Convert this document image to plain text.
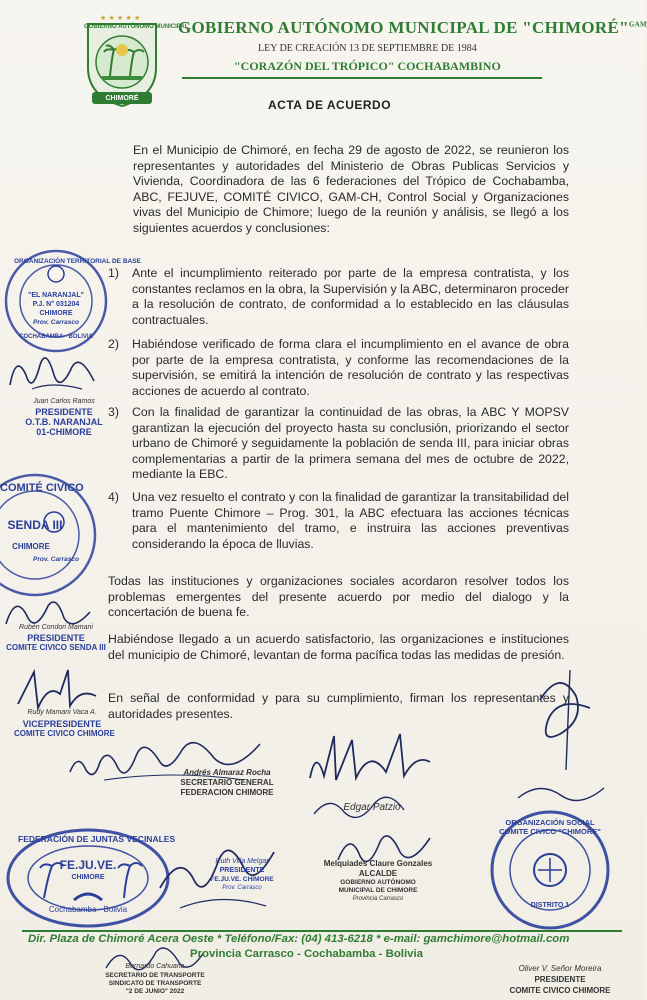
★ ★ ★ ★ ★
GOBIERNO AUTÓNOMO MUNICIPAL
CHIMORÉ
GOBIERNO AUTÓNOMO MUNICIPAL DE "CHIMORÉ"$^{GAM}$
LEY DE CREACIÓN 13 DE SEPTIEMBRE DE 1984
"CORAZÓN DEL TRÓPICO" COCHABAMBINO
ACTA DE ACUERDO
En el Municipio de Chimoré, en fecha 29 de agosto de 2022, se reunieron los representantes y autoridades del Ministerio de Obras Publicas Servicios y Vivienda, Coordinadora de las 6 federaciones del Trópico de Cochabamba, ABC, FEJUVE, COMITÉ CIVICO, GAM-CH, Control Social y Organizaciones vivas del Municipio de Chimore; luego de la reunión y análisis, se llegó a los siguientes acuerdos y conclusiones:
1) Ante el incumplimiento reiterado por parte de la empresa contratista, y los constantes reclamos en la obra, la Supervisión y la ABC, determinaron proceder a la resolución de contrato, de conformidad a lo establecido en las cláusulas contractuales.
2) Habiéndose verificado de forma clara el incumplimiento en el avance de obra por parte de la empresa contratista, y conforme las recomendaciones de la supervisión, se emitirá la intención de resolución de contrato y las respectivas acciones de acuerdo al contrato.
3) Con la finalidad de garantizar la continuidad de las obras, la ABC Y MOPSV garantizan la ejecución del proyecto hasta su conclusión, priorizando el sector urbano de Chimoré y seguidamente la población de senda III, para iniciar obras complementarias a partir de la primera semana del mes de octubre de 2022, mediante la EBC.
4) Una vez resuelto el contrato y con la finalidad de garantizar la transitabilidad del tramo Puente Chimore – Prog. 301, la ABC efectuara las acciones técnicas para el mantenimiento del tramo, e instruira las acciones preventivas considerando la época de lluvias.
Todas las instituciones y organizaciones sociales acordaron resolver todos los problemas emergentes del presente acuerdo por medio del dialogo y la concertación de buena fe.
Habiéndose llegado a un acuerdo satisfactorio, las organizaciones e instituciones del municipio de Chimoré, levantan de forma pacífica todas las medidas de presión.
En señal de conformidad y para su cumplimiento, firman los representantes y autoridades presentes.
ORGANIZACIÓN TERRITORIAL DE BASE
"EL NARANJAL"
P.J. N° 031204
CHIMORE
Prov. Carrasco
COCHABAMBA - BOLIVIA
Juan Carlos Ramos
PRESIDENTE
O.T.B. NARANJAL
01-CHIMORE
COMITÉ CIVICO
SENDA III
CHIMORE
Prov. Carrasco
Rubén Condori Mamani
PRESIDENTE
COMITE CIVICO SENDA III
Rudy Mamani Vaca A.
VICEPRESIDENTE
COMITE CIVICO CHIMORE
Andrés Almaraz Rocha
SECRETARIO GENERAL
FEDERACION CHIMORE
Edgar Patzio
FEDERACIÓN DE JUNTAS VECINALES
FE.JU.VE.
CHIMORE
Cochabamba - Bolivia
Ruth Villa Melgar
PRESIDENTE
FE.JU.VE. CHIMORE
Prov. Carrasco
Melquiades Claure Gonzales
ALCALDE
GOBIERNO AUTÓNOMO
MUNICIPAL DE CHIMORE
Provincia Carrasco
ORGANIZACIÓN SOCIAL COMITE CIVICO "CHIMORE"
DISTRITO 1
Bernardo Cahuana
SECRETARIO DE TRANSPORTE
SINDICATO DE TRANSPORTE
"2 DE JUNIO" 2022
Oliver V. Señor Moreira
PRESIDENTE
COMITE CIVICO CHIMORE
Dir. Plaza de Chimoré Acera Oeste * Teléfono/Fax: (04) 413-6218 * e-mail: gamchimore@hotmail.com
Provincia Carrasco - Cochabamba - Bolivia
